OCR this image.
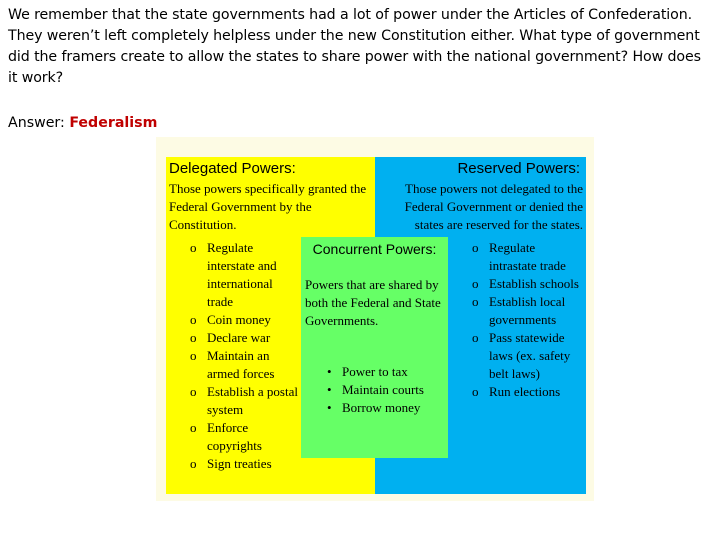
We remember that the state governments had a lot of power under the Articles of Confederation. They weren’t left completely helpless under the new Constitution either. What type of government did the framers create to allow the states to share power with the national government? How does it work?
Answer: Federalism
Delegated Powers:
Those powers specifically granted the Federal Government by the Constitution.
Reserved Powers:
Those powers not delegated to the Federal Government or denied the states are reserved for the states.
o Regulate interstate and international trade
o Coin money
o Declare war
o Maintain an armed forces
o Establish a postal system
o Enforce copyrights
o Sign treaties
o Regulate intrastate trade
o Establish schools
o Establish local governments
o Pass statewide laws (ex. safety belt laws)
o Run elections
Concurrent Powers:
Powers that are shared by both the Federal and State Governments.
• Power to tax
• Maintain courts
• Borrow money
